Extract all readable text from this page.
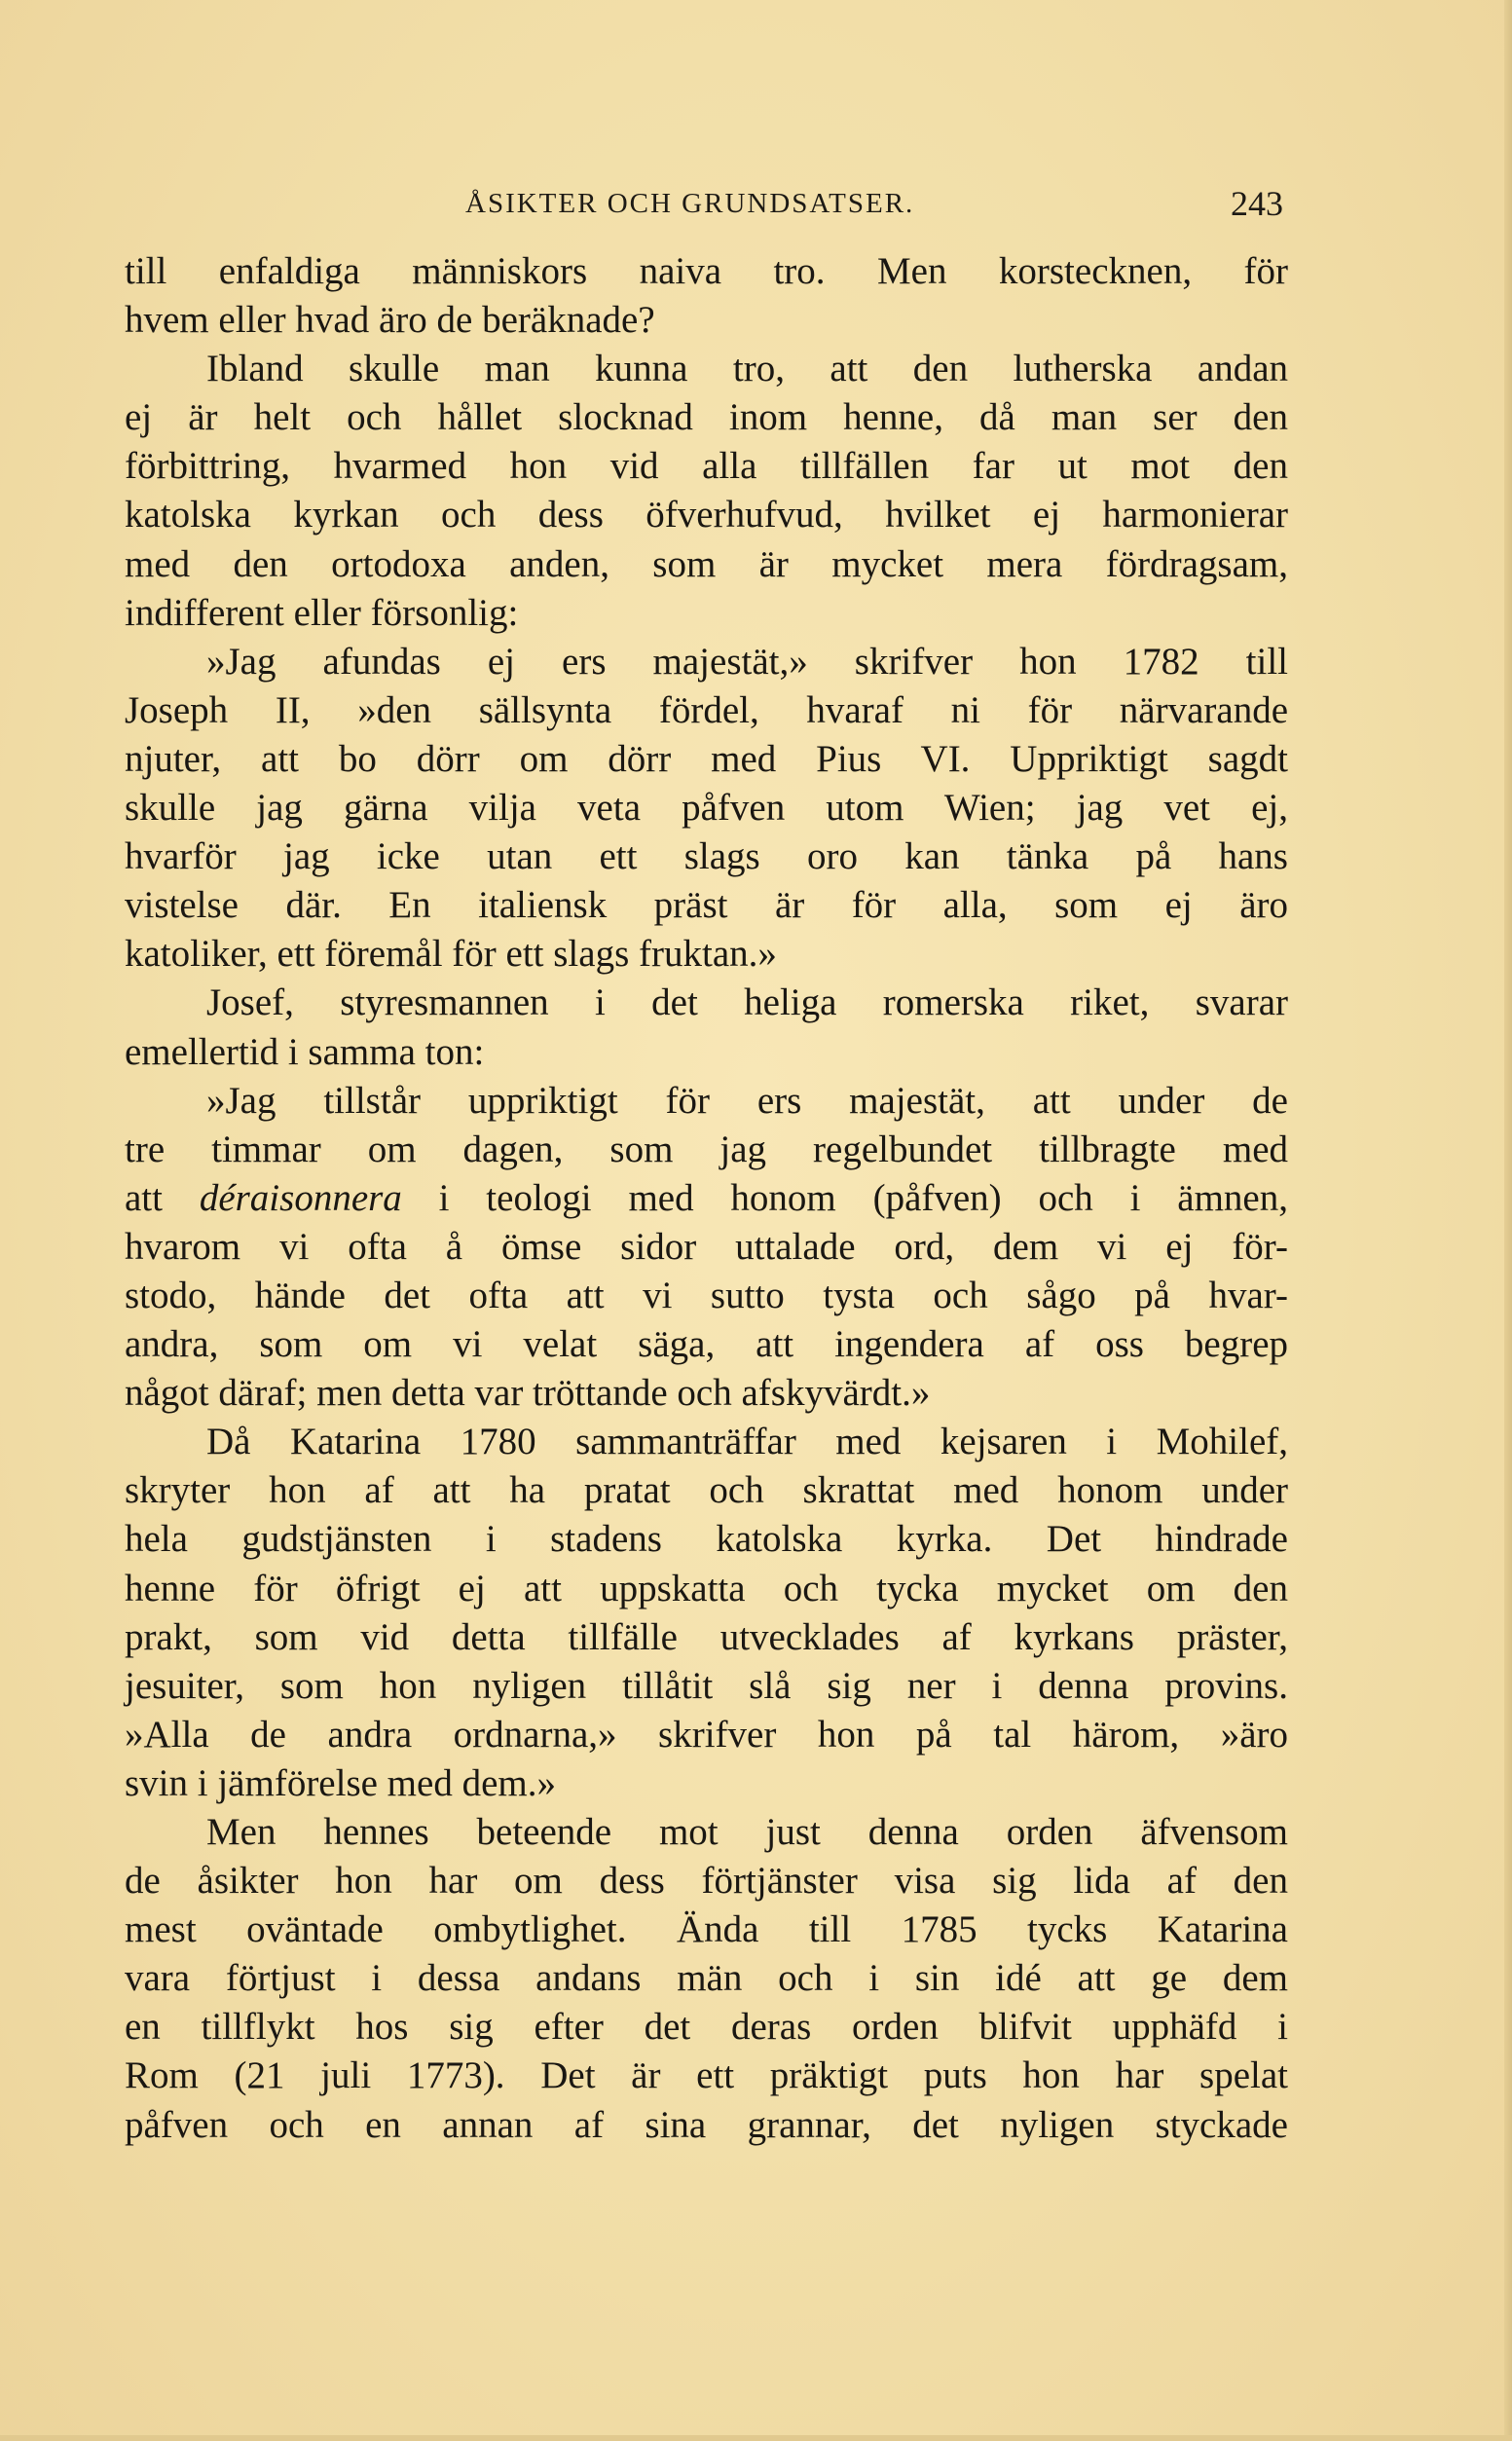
ÅSIKTER OCH GRUNDSATSER.	243
till enfaldiga människors naiva tro. Men korstecknen, för
hvem eller hvad äro de beräknade?
Ibland skulle man kunna tro, att den lutherska andan
ej är helt och hållet slocknad inom henne, då man ser den
förbittring, hvarmed hon vid alla tillfällen far ut mot den
katolska kyrkan och dess öfverhufvud, hvilket ej harmonierar
med den ortodoxa anden, som är mycket mera fördragsam,
indifferent eller försonlig:
»Jag afundas ej ers majestät,» skrifver hon 1782 till
Joseph II, »den sällsynta fördel, hvaraf ni för närvarande
njuter, att bo dörr om dörr med Pius VI. Uppriktigt sagdt
skulle jag gärna vilja veta påfven utom Wien; jag vet ej,
hvarför jag icke utan ett slags oro kan tänka på hans
vistelse där. En italiensk präst är för alla, som ej äro
katoliker, ett föremål för ett slags fruktan.»
Josef, styresmannen i det heliga romerska riket, svarar
emellertid i samma ton:
»Jag tillstår uppriktigt för ers majestät, att under de
tre timmar om dagen, som jag regelbundet tillbragte med
att déraisonnera i teologi med honom (påfven) och i ämnen,
hvarom vi ofta å ömse sidor uttalade ord, dem vi ej för-
stodo, hände det ofta att vi sutto tysta och sågo på hvar-
andra, som om vi velat säga, att ingendera af oss begrep
något däraf; men detta var tröttande och afskyvärdt.»
Då Katarina 1780 sammanträffar med kejsaren i Mohilef,
skryter hon af att ha pratat och skrattat med honom under
hela gudstjänsten i stadens katolska kyrka. Det hindrade
henne för öfrigt ej att uppskatta och tycka mycket om den
prakt, som vid detta tillfälle utvecklades af kyrkans präster,
jesuiter, som hon nyligen tillåtit slå sig ner i denna provins.
»Alla de andra ordnarna,» skrifver hon på tal härom, »äro
svin i jämförelse med dem.»
Men hennes beteende mot just denna orden äfvensom
de åsikter hon har om dess förtjänster visa sig lida af den
mest oväntade ombytlighet. Ända till 1785 tycks Katarina
vara förtjust i dessa andans män och i sin idé att ge dem
en tillflykt hos sig efter det deras orden blifvit upphäfd i
Rom (21 juli 1773). Det är ett präktigt puts hon har spelat
påfven och en annan af sina grannar, det nyligen styckade
